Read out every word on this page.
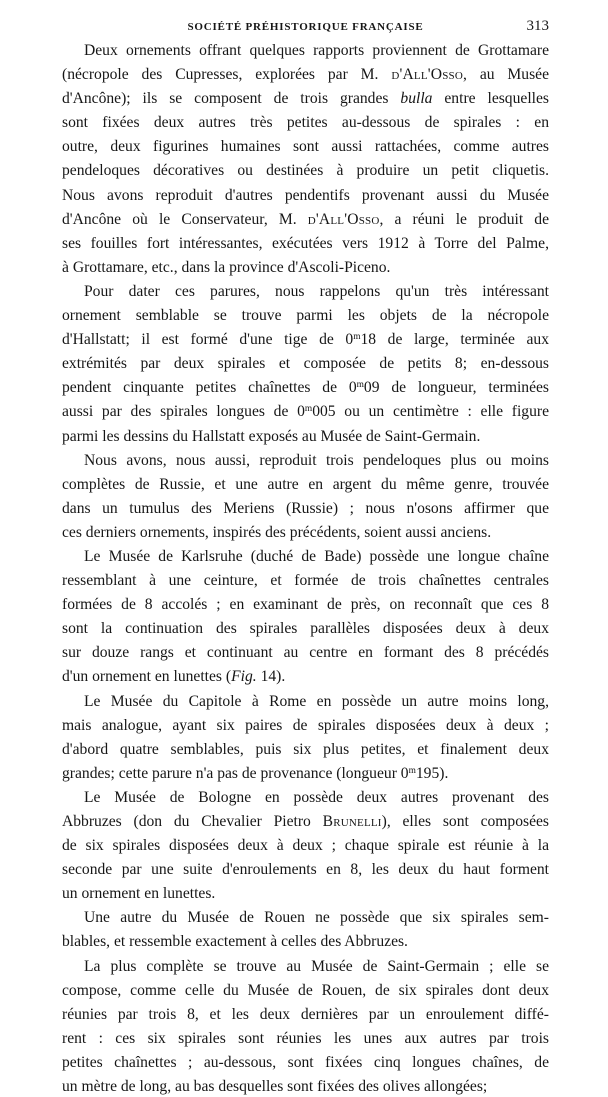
SOCIÉTÉ PRÉHISTORIQUE FRANÇAISE	313
Deux ornements offrant quelques rapports proviennent de Grottamare
(nécropole des Cupresses, explorées par M. d'All'Osso, au Musée
d'Ancône); ils se composent de trois grandes bulla entre lesquelles
sont fixées deux autres très petites au-dessous de spirales : en
outre, deux figurines humaines sont aussi rattachées, comme autres
pendeloques décoratives ou destinées à produire un petit cliquetis.
Nous avons reproduit d'autres pendentifs provenant aussi du Musée
d'Ancône où le Conservateur, M. d'All'Osso, a réuni le produit de
ses fouilles fort intéressantes, exécutées vers 1912 à Torre del Palme,
à Grottamare, etc., dans la province d'Ascoli-Piceno.
Pour dater ces parures, nous rappelons qu'un très intéressant
ornement semblable se trouve parmi les objets de la nécropole
d'Hallstatt; il est formé d'une tige de 0$^m$18 de large, terminée aux
extrémités par deux spirales et composée de petits 8; en-dessous
pendent cinquante petites chaînettes de 0$^m$09 de longueur, terminées
aussi par des spirales longues de 0$^m$005 ou un centimètre : elle figure
parmi les dessins du Hallstatt exposés au Musée de Saint-Germain.
Nous avons, nous aussi, reproduit trois pendeloques plus ou moins
complètes de Russie, et une autre en argent du même genre, trouvée
dans un tumulus des Meriens (Russie) ; nous n'osons affirmer que
ces derniers ornements, inspirés des précédents, soient aussi anciens.
Le Musée de Karlsruhe (duché de Bade) possède une longue chaîne
ressemblant à une ceinture, et formée de trois chaînettes centrales
formées de 8 accolés ; en examinant de près, on reconnaît que ces 8
sont la continuation des spirales parallèles disposées deux à deux
sur douze rangs et continuant au centre en formant des 8 précédés
d'un ornement en lunettes (Fig. 14).
Le Musée du Capitole à Rome en possède un autre moins long,
mais analogue, ayant six paires de spirales disposées deux à deux ;
d'abord quatre semblables, puis six plus petites, et finalement deux
grandes; cette parure n'a pas de provenance (longueur 0$^m$195).
Le Musée de Bologne en possède deux autres provenant des
Abbruzes (don du Chevalier Pietro Brunelli), elles sont composées
de six spirales disposées deux à deux ; chaque spirale est réunie à la
seconde par une suite d'enroulements en 8, les deux du haut forment
un ornement en lunettes.
Une autre du Musée de Rouen ne possède que six spirales sem-
blables, et ressemble exactement à celles des Abbruzes.
La plus complète se trouve au Musée de Saint-Germain ; elle se
compose, comme celle du Musée de Rouen, de six spirales dont deux
réunies par trois 8, et les deux dernières par un enroulement diffé-
rent : ces six spirales sont réunies les unes aux autres par trois
petites chaînettes ; au-dessous, sont fixées cinq longues chaînes, de
un mètre de long, au bas desquelles sont fixées des olives allongées;
